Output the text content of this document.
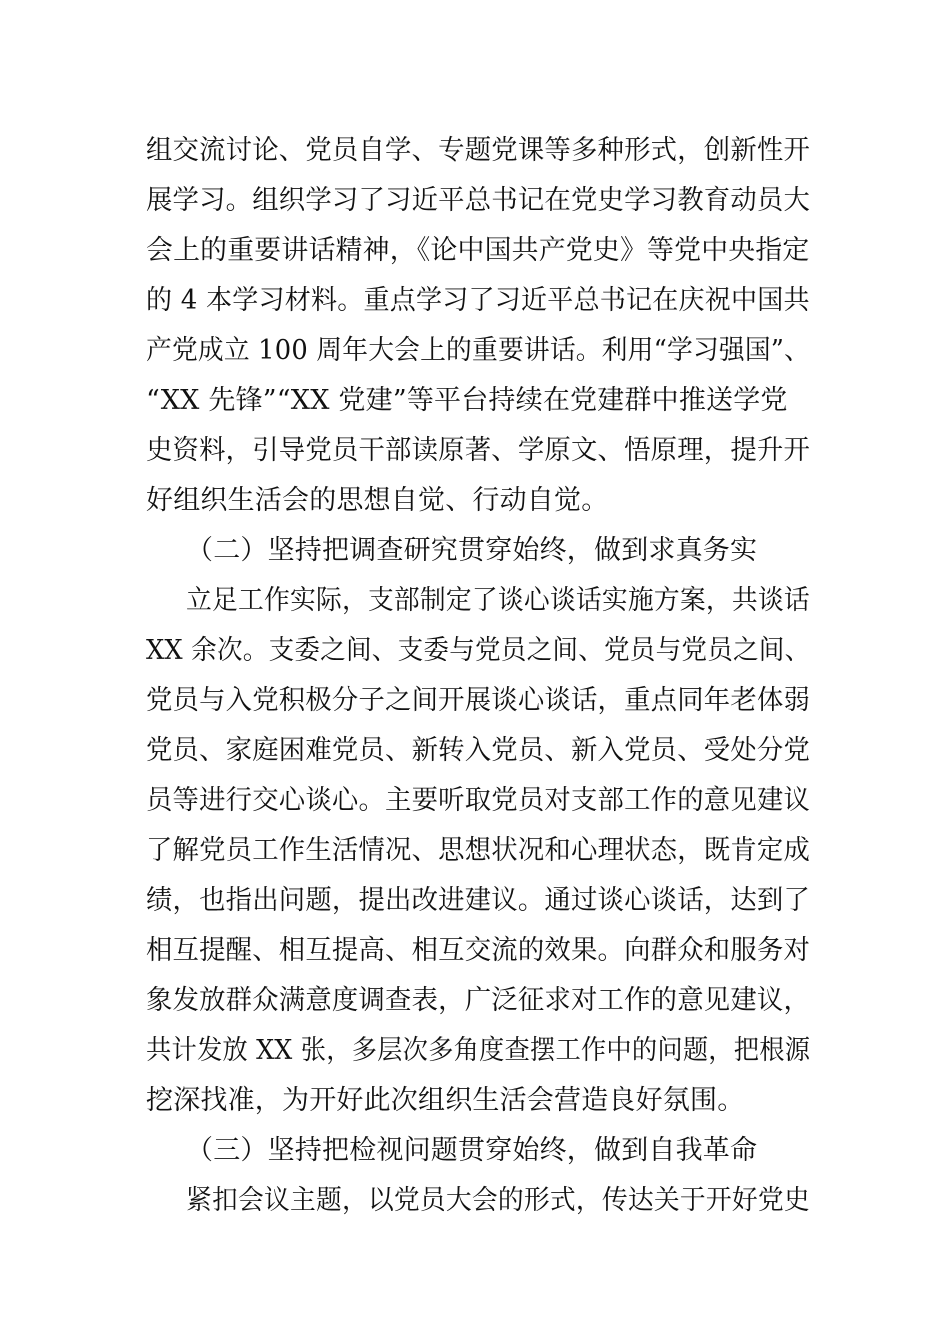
组交流讨论、党员自学、专题党课等多种形式，创新性开
展学习。组织学习了习近平总书记在党史学习教育动员大
会上的重要讲话精神，《论中国共产党史》等党中央指定
的 4 本学习材料。重点学习了习近平总书记在庆祝中国共
产党成立 100 周年大会上的重要讲话。利用“学习强国”、
“XX 先锋”“XX 党建”等平台持续在党建群中推送学党
史资料，引导党员干部读原著、学原文、悟原理，提升开
好组织生活会的思想自觉、行动自觉。
（二）坚持把调查研究贯穿始终，做到求真务实
立足工作实际，支部制定了谈心谈话实施方案，共谈话
XX 余次。支委之间、支委与党员之间、党员与党员之间、
党员与入党积极分子之间开展谈心谈话，重点同年老体弱
党员、家庭困难党员、新转入党员、新入党员、受处分党
员等进行交心谈心。主要听取党员对支部工作的意见建议
了解党员工作生活情况、思想状况和心理状态，既肯定成
绩，也指出问题，提出改进建议。通过谈心谈话，达到了
相互提醒、相互提高、相互交流的效果。向群众和服务对
象发放群众满意度调查表，广泛征求对工作的意见建议，
共计发放 XX 张，多层次多角度查摆工作中的问题，把根源
挖深找准，为开好此次组织生活会营造良好氛围。
（三）坚持把检视问题贯穿始终，做到自我革命
紧扣会议主题，以党员大会的形式，传达关于开好党史
